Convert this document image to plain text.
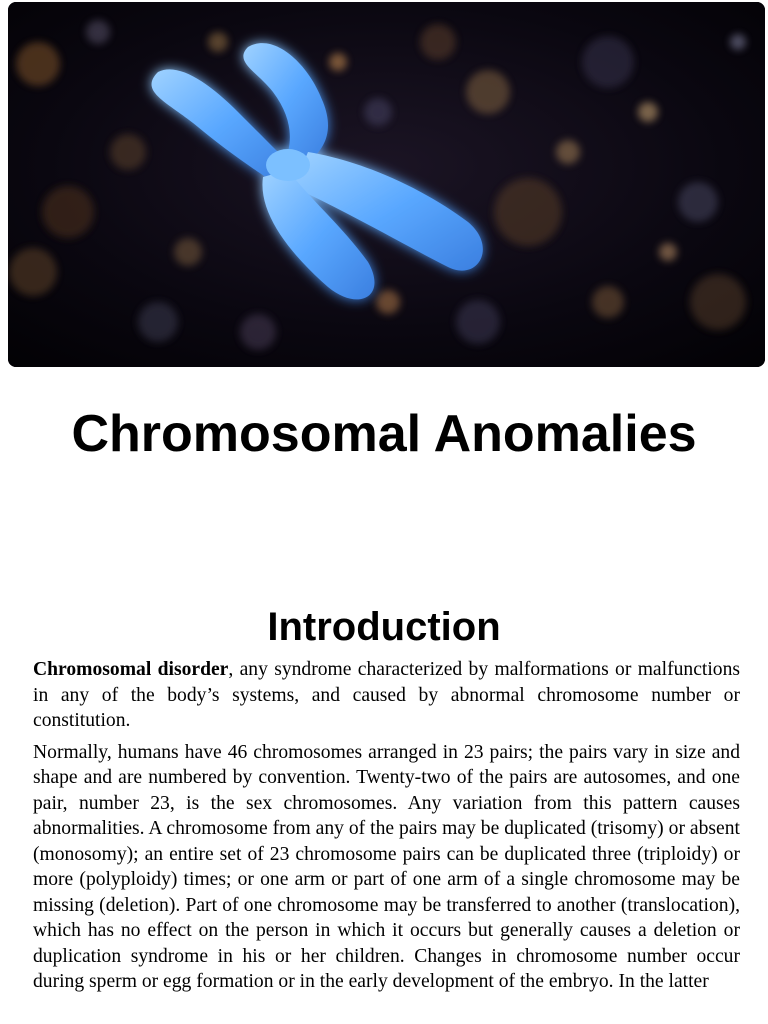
Chromosomal Anomalies
Introduction

Chromosomal disorder, any syndrome characterized by malformations or malfunctions in any of the body’s systems, and caused by abnormal chromosome number or constitution.

Normally, humans have 46 chromosomes arranged in 23 pairs; the pairs vary in size and shape and are numbered by convention. Twenty-two of the pairs are autosomes, and one pair, number 23, is the sex chromosomes. Any variation from this pattern causes abnormalities. A chromosome from any of the pairs may be duplicated (trisomy) or absent (monosomy); an entire set of 23 chromosome pairs can be duplicated three (triploidy) or more (polyploidy) times; or one arm or part of one arm of a single chromosome may be missing (deletion). Part of one chromosome may be transferred to another (translocation), which has no effect on the person in which it occurs but generally causes a deletion or duplication syndrome in his or her children. Changes in chromosome number occur during sperm or egg formation or in the early development of the embryo. In the latter
